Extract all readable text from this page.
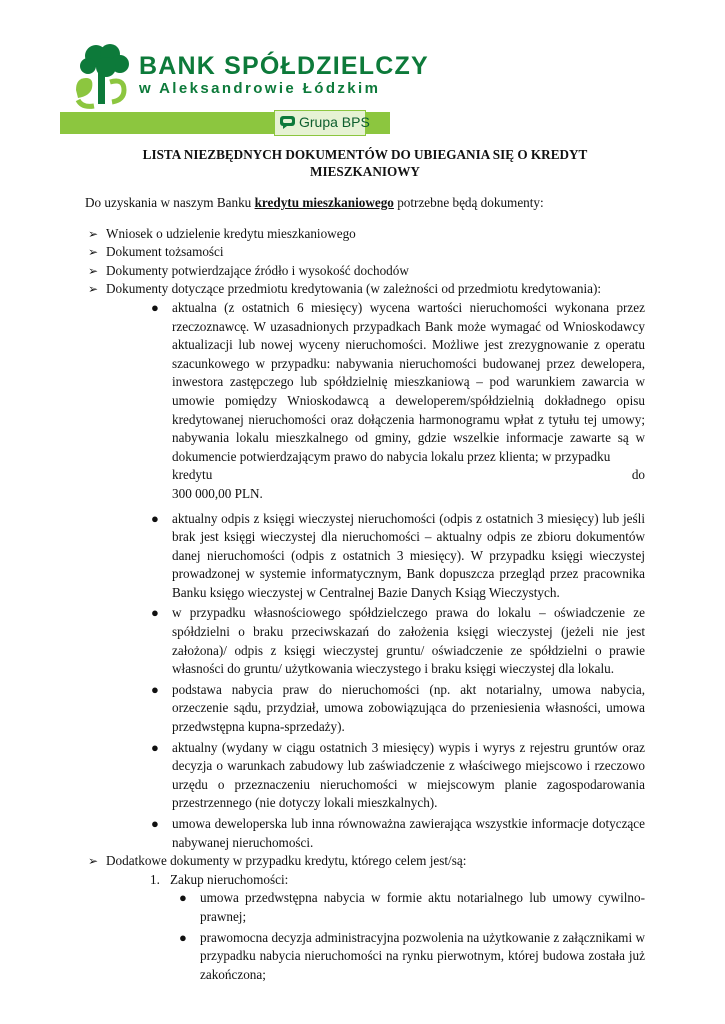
BANK SPÓŁDZIELCZY
w Aleksandrowie Łódzkim
Grupa BPS
LISTA NIEZBĘDNYCH DOKUMENTÓW DO UBIEGANIA SIĘ O KREDYT
MIESZKANIOWY
Do uzyskania w naszym Banku kredytu mieszkaniowego potrzebne będą dokumenty:
➢ Wniosek o udzielenie kredytu mieszkaniowego
➢ Dokument tożsamości
➢ Dokumenty potwierdzające źródło i wysokość dochodów
➢ Dokumenty dotyczące przedmiotu kredytowania (w zależności od przedmiotu kredytowania):
● aktualna (z ostatnich 6 miesięcy) wycena wartości nieruchomości wykonana przez rzeczoznawcę. W uzasadnionych przypadkach Bank może wymagać od Wnioskodawcy aktualizacji lub nowej wyceny nieruchomości. Możliwe jest zrezygnowanie z operatu szacunkowego w przypadku: nabywania nieruchomości budowanej przez dewelopera, inwestora zastępczego lub spółdzielnię mieszkaniową – pod warunkiem zawarcia w umowie pomiędzy Wnioskodawcą a deweloperem/spółdzielnią dokładnego opisu kredytowanej nieruchomości oraz dołączenia harmonogramu wpłat z tytułu tej umowy; nabywania lokalu mieszkalnego od gminy, gdzie wszelkie informacje zawarte są w dokumencie potwierdzającym prawo do nabycia lokalu przez klienta; w przypadku
kredytu	do
300 000,00 PLN.
● aktualny odpis z księgi wieczystej nieruchomości (odpis z ostatnich 3 miesięcy) lub jeśli brak jest księgi wieczystej dla nieruchomości – aktualny odpis ze zbioru dokumentów danej nieruchomości (odpis z ostatnich 3 miesięcy). W przypadku księgi wieczystej prowadzonej w systemie informatycznym, Bank dopuszcza przegląd przez pracownika Banku księgo wieczystej w Centralnej Bazie Danych Ksiąg Wieczystych.
● w przypadku własnościowego spółdzielczego prawa do lokalu – oświadczenie ze spółdzielni o braku przeciwskazań do założenia księgi wieczystej (jeżeli nie jest założona)/ odpis z księgi wieczystej gruntu/ oświadczenie ze spółdzielni o prawie własności do gruntu/ użytkowania wieczystego i braku księgi wieczystej dla lokalu.
● podstawa nabycia praw do nieruchomości (np. akt notarialny, umowa nabycia, orzeczenie sądu, przydział, umowa zobowiązująca do przeniesienia własności, umowa przedwstępna kupna-sprzedaży).
● aktualny (wydany w ciągu ostatnich 3 miesięcy) wypis i wyrys z rejestru gruntów oraz decyzja o warunkach zabudowy lub zaświadczenie z właściwego miejscowo i rzeczowo urzędu o przeznaczeniu nieruchomości w miejscowym planie zagospodarowania przestrzennego (nie dotyczy lokali mieszkalnych).
● umowa deweloperska lub inna równoważna zawierająca wszystkie informacje dotyczące nabywanej nieruchomości.
➢ Dodatkowe dokumenty w przypadku kredytu, którego celem jest/są:
1. Zakup nieruchomości:
● umowa przedwstępna nabycia w formie aktu notarialnego lub umowy cywilno-prawnej;
● prawomocna decyzja administracyjna pozwolenia na użytkowanie z załącznikami w przypadku nabycia nieruchomości na rynku pierwotnym, której budowa została już zakończona;
